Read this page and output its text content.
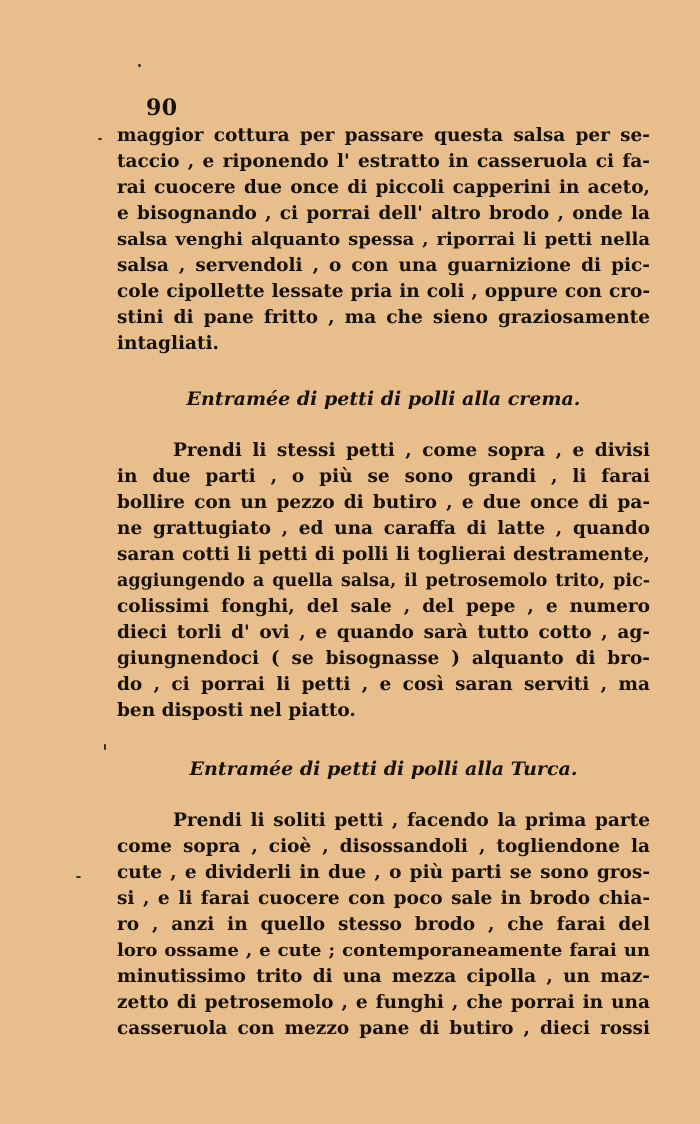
90
maggior cottura per passare questa salsa per se-
taccio , e riponendo l' estratto in casseruola ci fa-
rai cuocere due once di piccoli capperini in aceto,
e bisognando , ci porrai dell' altro brodo , onde la
salsa venghi alquanto spessa , riporrai li petti nella
salsa , servendoli , o con una guarnizione di pic-
cole cipollette lessate pria in coli , oppure con cro-
stini di pane fritto , ma che sieno graziosamente
intagliati.
Entramée di petti di polli alla crema.
Prendi li stessi petti , come sopra , e divisi
in due parti , o più se sono grandi , li farai
bollire con un pezzo di butiro , e due once di pa-
ne grattugiato , ed una caraffa di latte , quando
saran cotti li petti di polli li toglierai destramente,
aggiungendo a quella salsa, il petrosemolo trito, pic-
colissimi fonghi, del sale , del pepe , e numero
dieci torli d' ovi , e quando sarà tutto cotto , ag-
giungnendoci ( se bisognasse ) alquanto di bro-
do , ci porrai li petti , e così saran serviti , ma
ben disposti nel piatto.
Entramée di petti di polli alla Turca.
Prendi li soliti petti , facendo la prima parte
come sopra , cioè , disossandoli , togliendone la
cute , e dividerli in due , o più parti se sono gros-
si , e li farai cuocere con poco sale in brodo chia-
ro , anzi in quello stesso brodo , che farai del
loro ossame , e cute ; contemporaneamente farai un
minutissimo trito di una mezza cipolla , un maz-
zetto di petrosemolo , e funghi , che porrai in una
casseruola con mezzo pane di butiro , dieci rossi
